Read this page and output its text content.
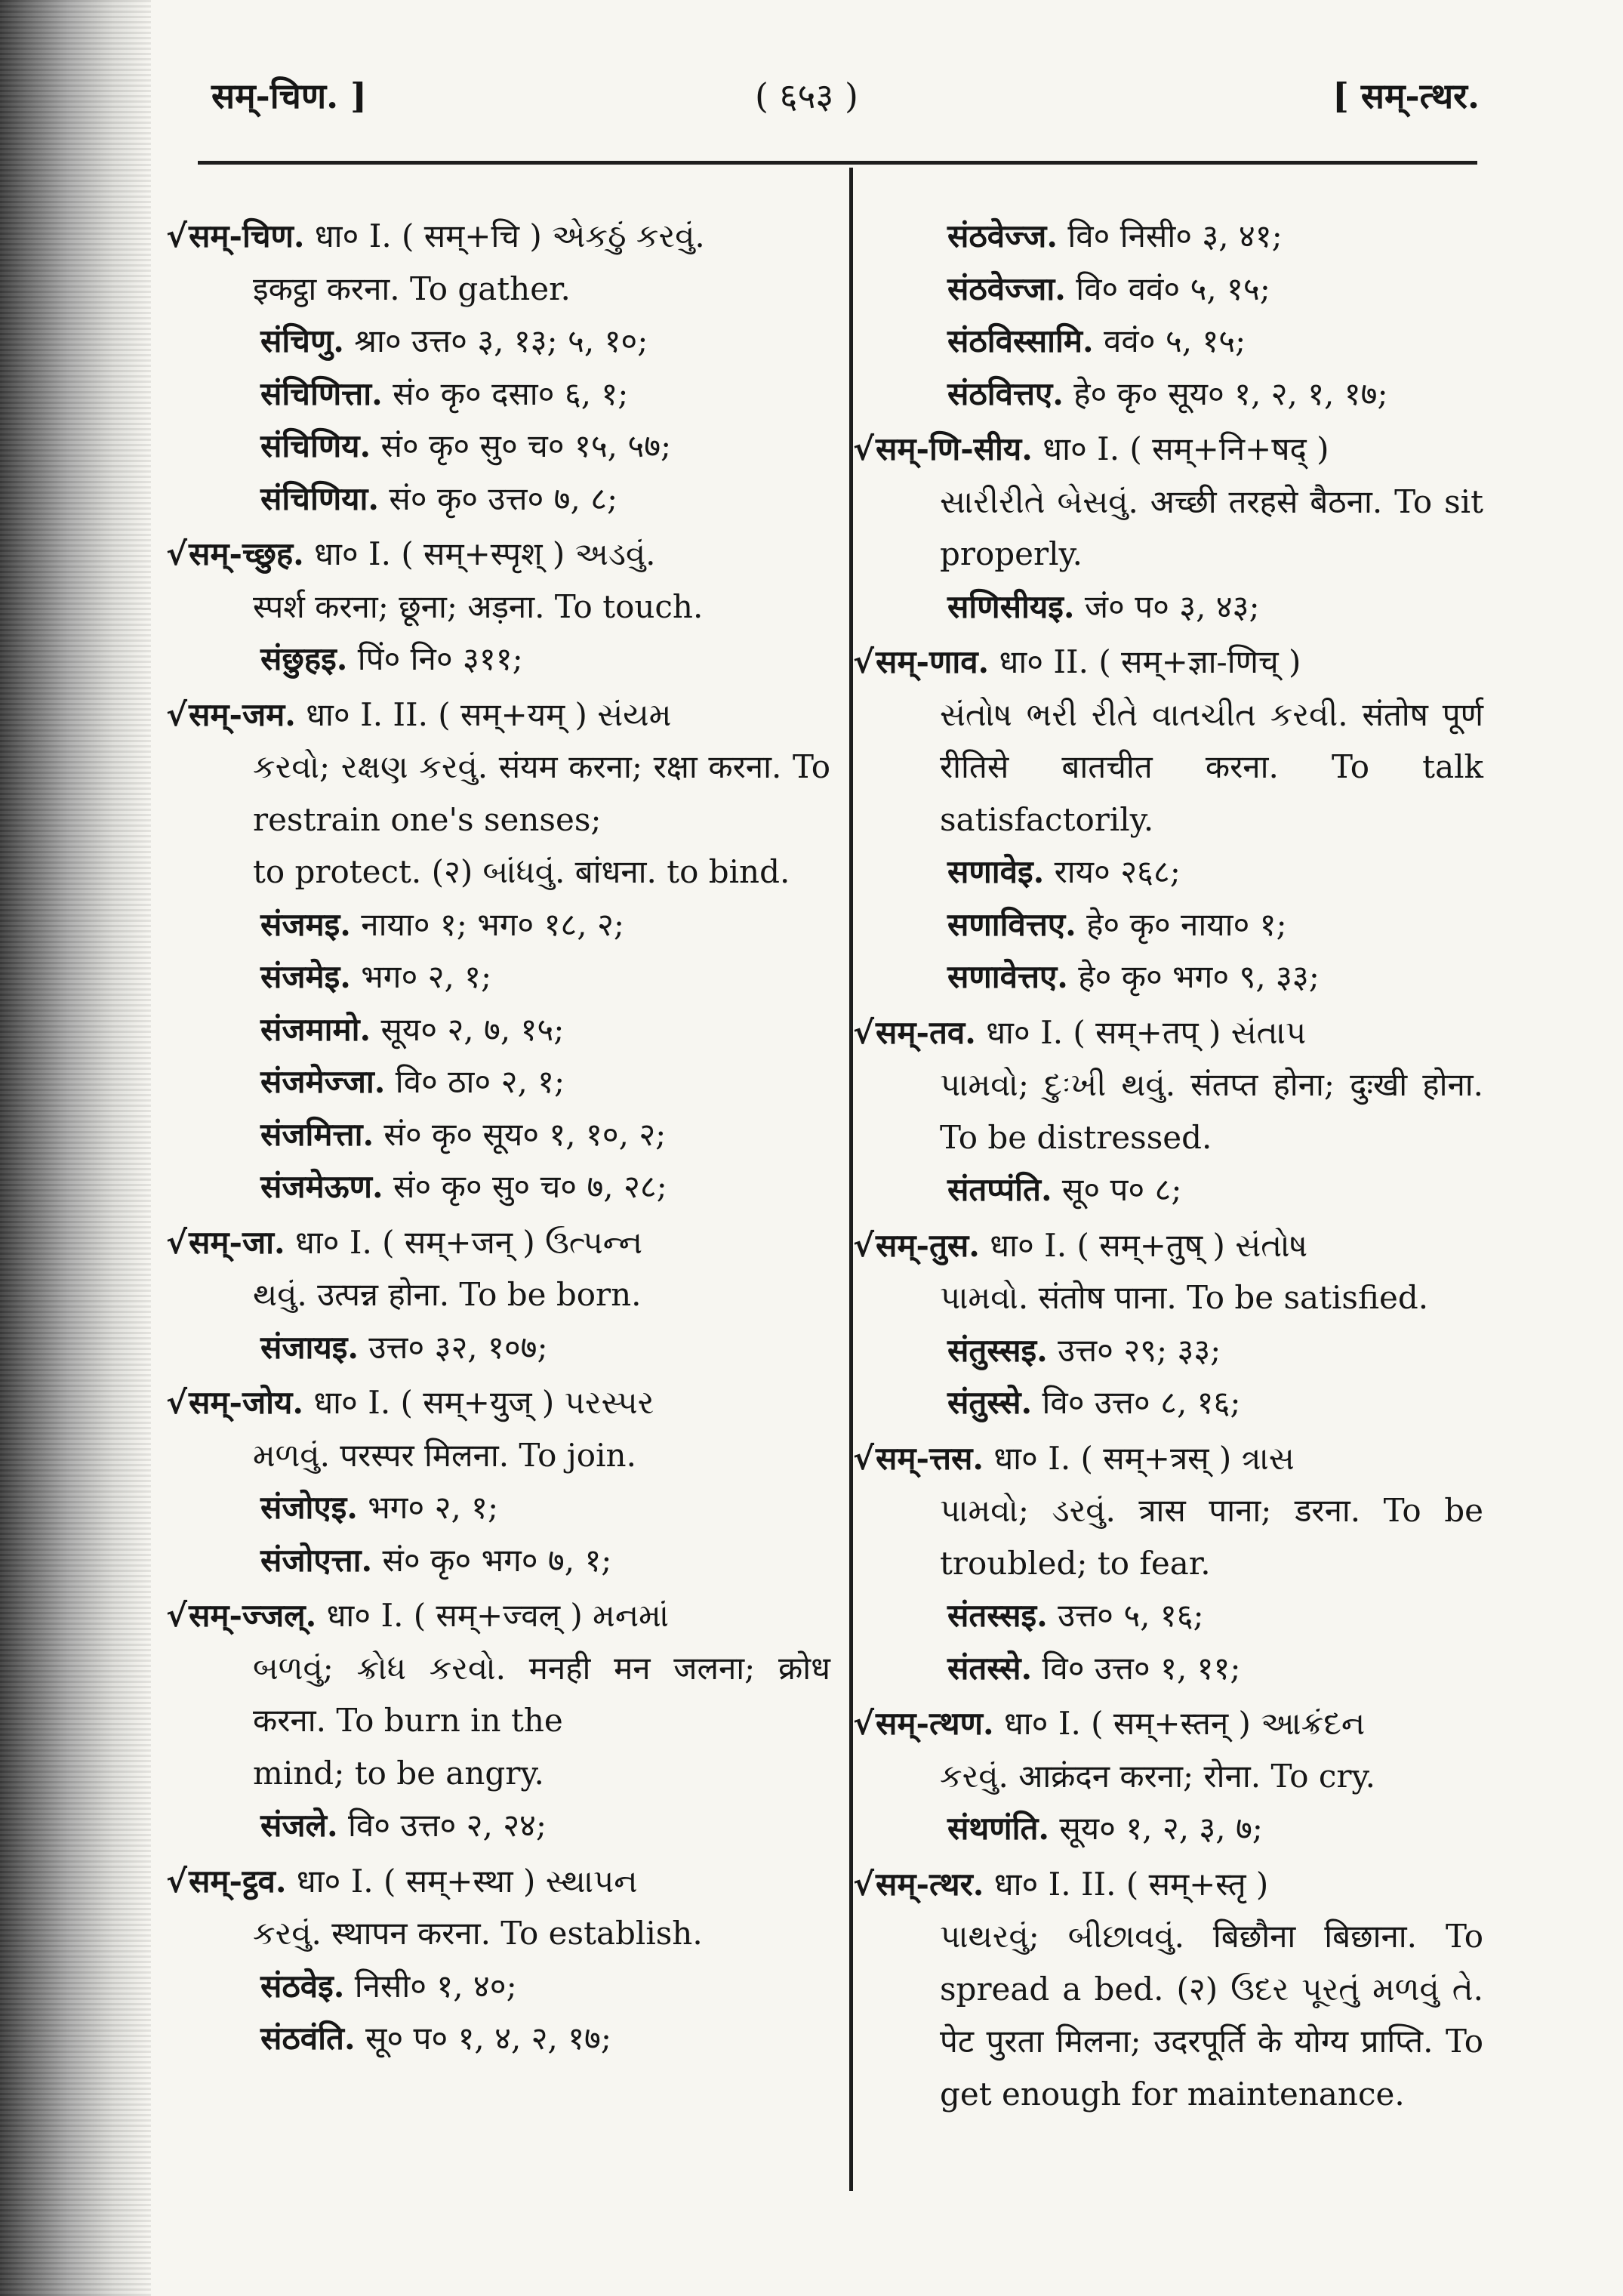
सम्-चिण. ]	( ६५३ )	[ सम्-त्थर.
√सम्-चिण. धा० I. ( सम्+चि ) એકઠું કરવું.
इकट्ठा करना. To gather.
संचिणु. श्रा० उत्त० ३, १३; ५, १०;
संचिणित्ता. सं० कृ० दसा० ६, १;
संचिणिय. सं० कृ० सु० च० १५, ५७;
संचिणिया. सं० कृ० उत्त० ७, ८;
√सम्-च्छुह. धा० I. ( सम्+स्पृश् ) અડવું.
स्पर्श करना; छूना; अड़ना. To touch.
संछुहइ. पिं० नि० ३११;
√सम्-जम. धा० I. II. ( सम्+यम् ) સંયમ
કરવો; રક્ષણ કરવું. संयम करना; रक्षा करना. To restrain one's senses;
to protect. (२) બાંધવું. बांधना. to bind.
संजमइ. नाया० १; भग० १८, २;
संजमेइ. भग० २, १;
संजमामो. सूय० २, ७, १५;
संजमेज्जा. वि० ठा० २, १;
संजमित्ता. सं० कृ० सूय० १, १०, २;
संजमेऊण. सं० कृ० सु० च० ७, २८;
√सम्-जा. धा० I. ( सम्+जन् ) ઉત્પન્ન
થવું. उत्पन्न होना. To be born.
संजायइ. उत्त० ३२, १०७;
√सम्-जोय. धा० I. ( सम्+युज् ) પરસ્પર
મળવું. परस्पर मिलना. To join.
संजोएइ. भग० २, १;
संजोएत्ता. सं० कृ० भग० ७, १;
√सम्-ज्जल्. धा० I. ( सम्+ज्वल् ) મનમાં
બળવું; ક્રોધ કરવો. मनही मन जलना; क्रोध करना. To burn in the
mind; to be angry.
संजले. वि० उत्त० २, २४;
√सम्-ट्ठव. धा० I. ( सम्+स्था ) સ્થાપન
કરવું. स्थापन करना. To establish.
संठवेइ. निसी० १, ४०;
संठवंति. सू० प० १, ४, २, १७;
संठवेज्ज. वि० निसी० ३, ४१;
संठवेज्जा. वि० ववं० ५, १५;
संठविस्सामि. ववं० ५, १५;
संठवित्तए. हे० कृ० सूय० १, २, १, १७;
√सम्-णि-सीय. धा० I. ( सम्+नि+षद् )
સારીરીતે બેસવું. अच्छी तरहसे बैठना. To sit properly.
सणिसीयइ. जं० प० ३, ४३;
√सम्-णाव. धा० II. ( सम्+ज्ञा-णिच् )
સંતોષ ભરી રીતે વાતચીત કરવી. संतोष पूर्ण रीतिसे बातचीत करना. To talk satisfactorily.
सणावेइ. राय० २६८;
सणावित्तए. हे० कृ० नाया० १;
सणावेत्तए. हे० कृ० भग० ९, ३३;
√सम्-तव. धा० I. ( सम्+तप् ) સંતાપ
પામવો; દુઃખી થવું. संतप्त होना; दुःखी होना. To be distressed.
संतप्पंति. सू० प० ८;
√सम्-तुस. धा० I. ( सम्+तुष् ) સંતોષ
પામવો. संतोष पाना. To be satisfied.
संतुस्सइ. उत्त० २९; ३३;
संतुस्से. वि० उत्त० ८, १६;
√सम्-त्तस. धा० I. ( सम्+त्रस् ) ત્રાસ
પામવો; ડરવું. त्रास पाना; डरना. To be troubled; to fear.
संतस्सइ. उत्त० ५, १६;
संतस्से. वि० उत्त० १, ११;
√सम्-त्थण. धा० I. ( सम्+स्तन् ) આક્રંદન
કરવું. आक्रंदन करना; रोना. To cry.
संथणंति. सूय० १, २, ३, ७;
√सम्-त्थर. धा० I. II. ( सम्+स्तृ )
પાથરવું; બીછાવવું. बिछौना बिछाना. To spread a bed. (२) ઉદર પૂરતું મળવું તે. पेट पुरता मिलना; उदरपूर्ति के योग्य प्राप्ति. To get enough for maintenance.
